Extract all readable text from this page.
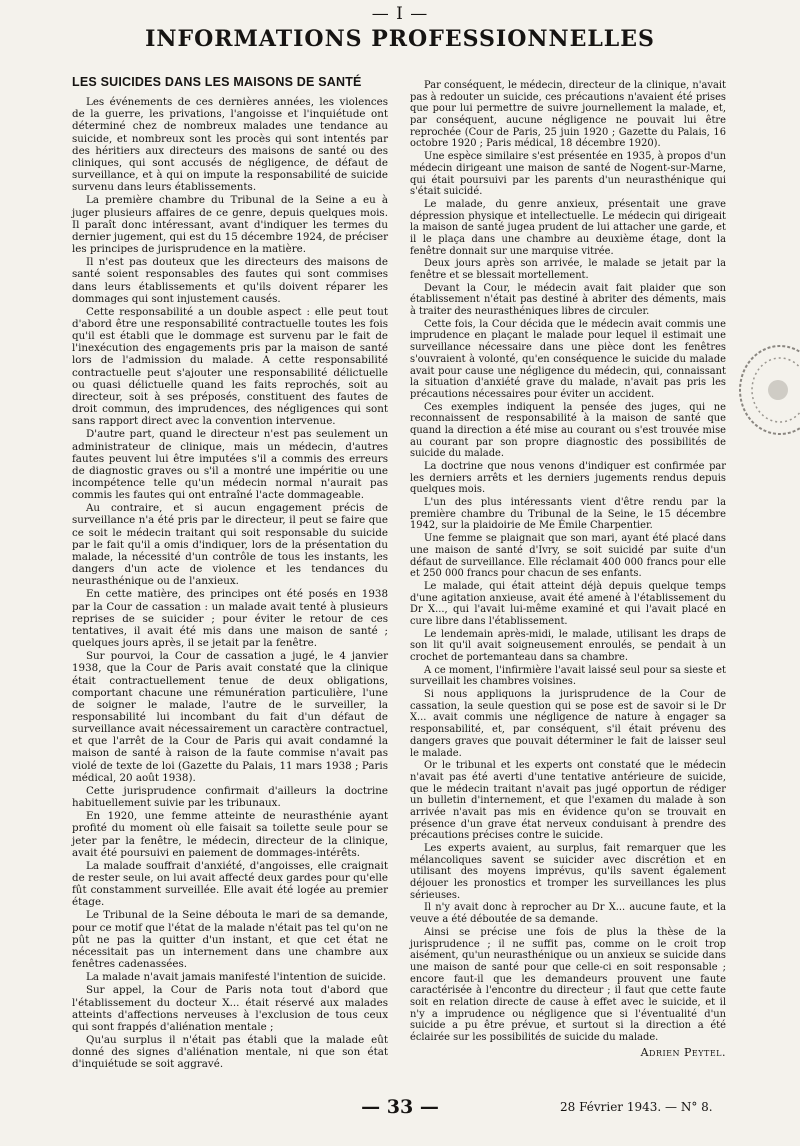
— I —
INFORMATIONS PROFESSIONNELLES
LES SUICIDES DANS LES MAISONS DE SANTÉ

Les événements de ces dernières années, les violences de la guerre, les privations, l'angoisse et l'inquiétude ont déterminé chez de nombreux malades une tendance au suicide, et nombreux sont les procès qui sont intentés par des héritiers aux directeurs des maisons de santé ou des cliniques, qui sont accusés de négligence, de défaut de surveillance, et à qui on impute la responsabilité de suicide survenu dans leurs établissements.

La première chambre du Tribunal de la Seine a eu à juger plusieurs affaires de ce genre, depuis quelques mois. Il paraît donc intéressant, avant d'indiquer les termes du dernier jugement, qui est du 15 décembre 1924, de préciser les principes de jurisprudence en la matière.

Il n'est pas douteux que les directeurs des maisons de santé soient responsables des fautes qui sont commises dans leurs établissements et qu'ils doivent réparer les dommages qui sont injustement causés.

Cette responsabilité a un double aspect : elle peut tout d'abord être une responsabilité contractuelle toutes les fois qu'il est établi que le dommage est survenu par le fait de l'inexécution des engagements pris par la maison de santé lors de l'admission du malade. A cette responsabilité contractuelle peut s'ajouter une responsabilité délictuelle ou quasi délictuelle quand les faits reprochés, soit au directeur, soit à ses préposés, constituent des fautes de droit commun, des imprudences, des négligences qui sont sans rapport direct avec la convention intervenue.

D'autre part, quand le directeur n'est pas seulement un administrateur de clinique, mais un médecin, d'autres fautes peuvent lui être imputées s'il a commis des erreurs de diagnostic graves ou s'il a montré une impéritie ou une incompétence telle qu'un médecin normal n'aurait pas commis les fautes qui ont entraîné l'acte dommageable.

Au contraire, et si aucun engagement précis de surveillance n'a été pris par le directeur, il peut se faire que ce soit le médecin traitant qui soit responsable du suicide par le fait qu'il a omis d'indiquer, lors de la présentation du malade, la nécessité d'un contrôle de tous les instants, les dangers d'un acte de violence et les tendances du neurasthénique ou de l'anxieux.

En cette matière, des principes ont été posés en 1938 par la Cour de cassation : un malade avait tenté à plusieurs reprises de se suicider ; pour éviter le retour de ces tentatives, il avait été mis dans une maison de santé ; quelques jours après, il se jetait par la fenêtre.

Sur pourvoi, la Cour de cassation a jugé, le 4 janvier 1938, que la Cour de Paris avait constaté que la clinique était contractuellement tenue de deux obligations, comportant chacune une rémunération particulière, l'une de soigner le malade, l'autre de le surveiller, la responsabilité lui incombant du fait d'un défaut de surveillance avait nécessairement un caractère contractuel, et que l'arrêt de la Cour de Paris qui avait condamné la maison de santé à raison de la faute commise n'avait pas violé de texte de loi (Gazette du Palais, 11 mars 1938 ; Paris médical, 20 août 1938).

Cette jurisprudence confirmait d'ailleurs la doctrine habituellement suivie par les tribunaux.

En 1920, une femme atteinte de neurasthénie ayant profité du moment où elle faisait sa toilette seule pour se jeter par la fenêtre, le médecin, directeur de la clinique, avait été poursuivi en paiement de dommages-intérêts.

La malade souffrait d'anxiété, d'angoisses, elle craignait de rester seule, on lui avait affecté deux gardes pour qu'elle fût constamment surveillée. Elle avait été logée au premier étage.

Le Tribunal de la Seine débouta le mari de sa demande, pour ce motif que l'état de la malade n'était pas tel qu'on ne pût ne pas la quitter d'un instant, et que cet état ne nécessitait pas un internement dans une chambre aux fenêtres cadenassées.

La malade n'avait jamais manifesté l'intention de suicide.

Sur appel, la Cour de Paris nota tout d'abord que l'établissement du docteur X... était réservé aux malades atteints d'affections nerveuses à l'exclusion de tous ceux qui sont frappés d'aliénation mentale ;

Qu'au surplus il n'était pas établi que la malade eût donné des signes d'aliénation mentale, ni que son état d'inquiétude se soit aggravé.

Par conséquent, le médecin, directeur de la clinique, n'avait pas à redouter un suicide, ces précautions n'avaient été prises que pour lui permettre de suivre journellement la malade, et, par conséquent, aucune négligence ne pouvait lui être reprochée (Cour de Paris, 25 juin 1920 ; Gazette du Palais, 16 octobre 1920 ; Paris médical, 18 décembre 1920).

Une espèce similaire s'est présentée en 1935, à propos d'un médecin dirigeant une maison de santé de Nogent-sur-Marne, qui était poursuivi par les parents d'un neurasthénique qui s'était suicidé.

Le malade, du genre anxieux, présentait une grave dépression physique et intellectuelle. Le médecin qui dirigeait la maison de santé jugea prudent de lui attacher une garde, et il le plaça dans une chambre au deuxième étage, dont la fenêtre donnait sur une marquise vitrée.

Deux jours après son arrivée, le malade se jetait par la fenêtre et se blessait mortellement.

Devant la Cour, le médecin avait fait plaider que son établissement n'était pas destiné à abriter des déments, mais à traiter des neurasthéniques libres de circuler.

Cette fois, la Cour décida que le médecin avait commis une imprudence en plaçant le malade pour lequel il estimait une surveillance nécessaire dans une pièce dont les fenêtres s'ouvraient à volonté, qu'en conséquence le suicide du malade avait pour cause une négligence du médecin, qui, connaissant la situation d'anxiété grave du malade, n'avait pas pris les précautions nécessaires pour éviter un accident.

Ces exemples indiquent la pensée des juges, qui ne reconnaissent de responsabilité à la maison de santé que quand la direction a été mise au courant ou s'est trouvée mise au courant par son propre diagnostic des possibilités de suicide du malade.

La doctrine que nous venons d'indiquer est confirmée par les derniers arrêts et les derniers jugements rendus depuis quelques mois.

L'un des plus intéressants vient d'être rendu par la première chambre du Tribunal de la Seine, le 15 décembre 1942, sur la plaidoirie de Me Émile Charpentier.

Une femme se plaignait que son mari, ayant été placé dans une maison de santé d'Ivry, se soit suicidé par suite d'un défaut de surveillance. Elle réclamait 400 000 francs pour elle et 250 000 francs pour chacun de ses enfants.

Le malade, qui était atteint déjà depuis quelque temps d'une agitation anxieuse, avait été amené à l'établissement du Dr X..., qui l'avait lui-même examiné et qui l'avait placé en cure libre dans l'établissement.

Le lendemain après-midi, le malade, utilisant les draps de son lit qu'il avait soigneusement enroulés, se pendait à un crochet de portemanteau dans sa chambre.

A ce moment, l'infirmière l'avait laissé seul pour sa sieste et surveillait les chambres voisines.

Si nous appliquons la jurisprudence de la Cour de cassation, la seule question qui se pose est de savoir si le Dr X... avait commis une négligence de nature à engager sa responsabilité, et, par conséquent, s'il était prévenu des dangers graves que pouvait déterminer le fait de laisser seul le malade.

Or le tribunal et les experts ont constaté que le médecin n'avait pas été averti d'une tentative antérieure de suicide, que le médecin traitant n'avait pas jugé opportun de rédiger un bulletin d'internement, et que l'examen du malade à son arrivée n'avait pas mis en évidence qu'on se trouvait en présence d'un grave état nerveux conduisant à prendre des précautions précises contre le suicide.

Les experts avaient, au surplus, fait remarquer que les mélancoliques savent se suicider avec discrétion et en utilisant des moyens imprévus, qu'ils savent également déjouer les pronostics et tromper les surveillances les plus sérieuses.

Il n'y avait donc à reprocher au Dr X... aucune faute, et la veuve a été déboutée de sa demande.

Ainsi se précise une fois de plus la thèse de la jurisprudence ; il ne suffit pas, comme on le croit trop aisément, qu'un neurasthénique ou un anxieux se suicide dans une maison de santé pour que celle-ci en soit responsable ; encore faut-il que les demandeurs prouvent une faute caractérisée à l'encontre du directeur ; il faut que cette faute soit en relation directe de cause à effet avec le suicide, et il n'y a imprudence ou négligence que si l'éventualité d'un suicide a pu être prévue, et surtout si la direction a été éclairée sur les possibilités de suicide du malade.

Adrien Peytel.
— 33 —	28 Février 1943. — N° 8.
